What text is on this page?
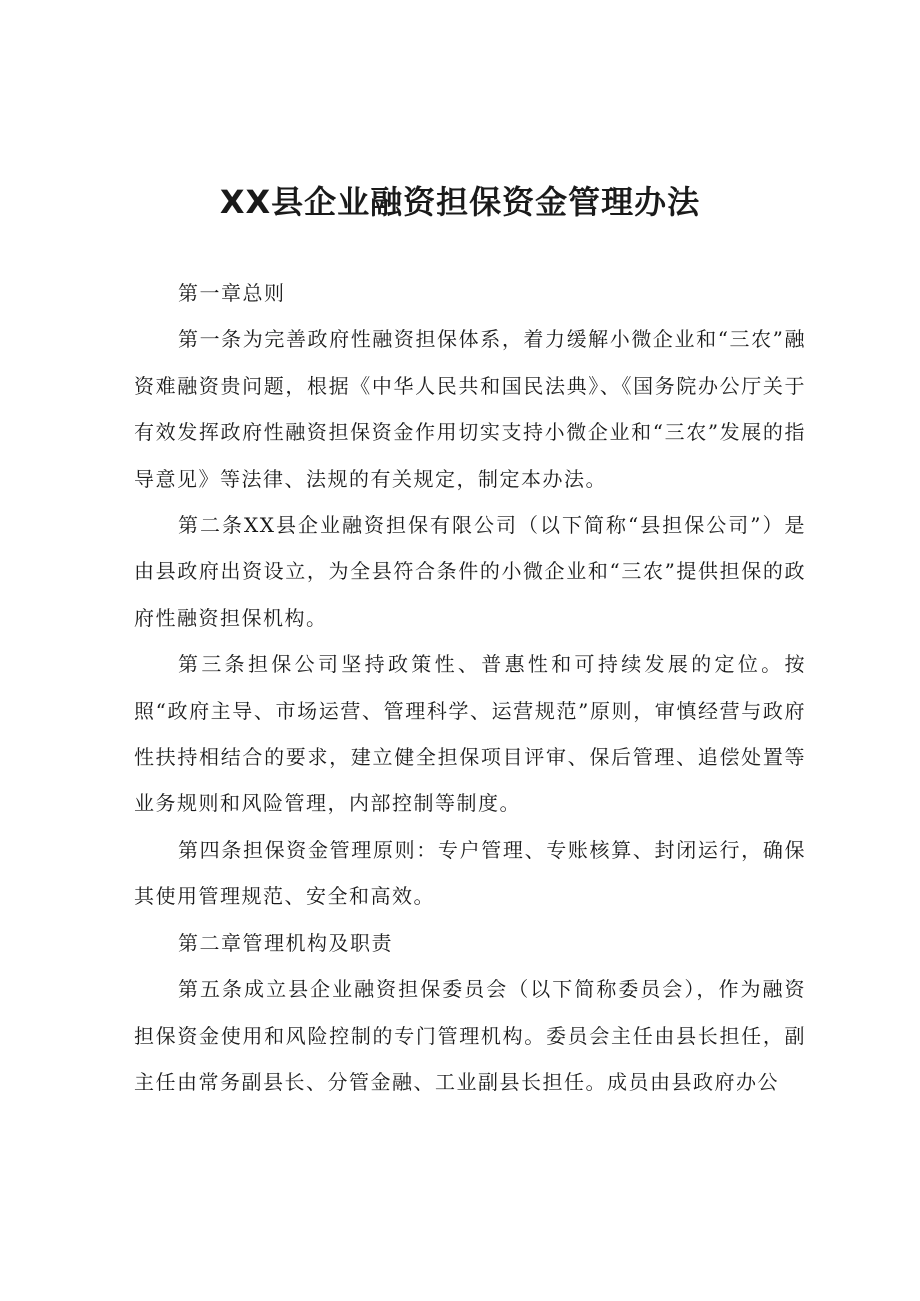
XX县企业融资担保资金管理办法

第一章总则

第一条为完善政府性融资担保体系，着力缓解小微企业和“三农”融资难融资贵问题，根据《中华人民共和国民法典》、《国务院办公厅关于有效发挥政府性融资担保资金作用切实支持小微企业和“三农”发展的指导意见》等法律、法规的有关规定，制定本办法。

第二条XX县企业融资担保有限公司（以下简称“县担保公司”）是由县政府出资设立，为全县符合条件的小微企业和“三农”提供担保的政府性融资担保机构。

第三条担保公司坚持政策性、普惠性和可持续发展的定位。按照“政府主导、市场运营、管理科学、运营规范”原则，审慎经营与政府性扶持相结合的要求，建立健全担保项目评审、保后管理、追偿处置等业务规则和风险管理，内部控制等制度。

第四条担保资金管理原则：专户管理、专账核算、封闭运行，确保其使用管理规范、安全和高效。

第二章管理机构及职责

第五条成立县企业融资担保委员会（以下简称委员会），作为融资担保资金使用和风险控制的专门管理机构。委员会主任由县长担任，副主任由常务副县长、分管金融、工业副县长担任。成员由县政府办公
